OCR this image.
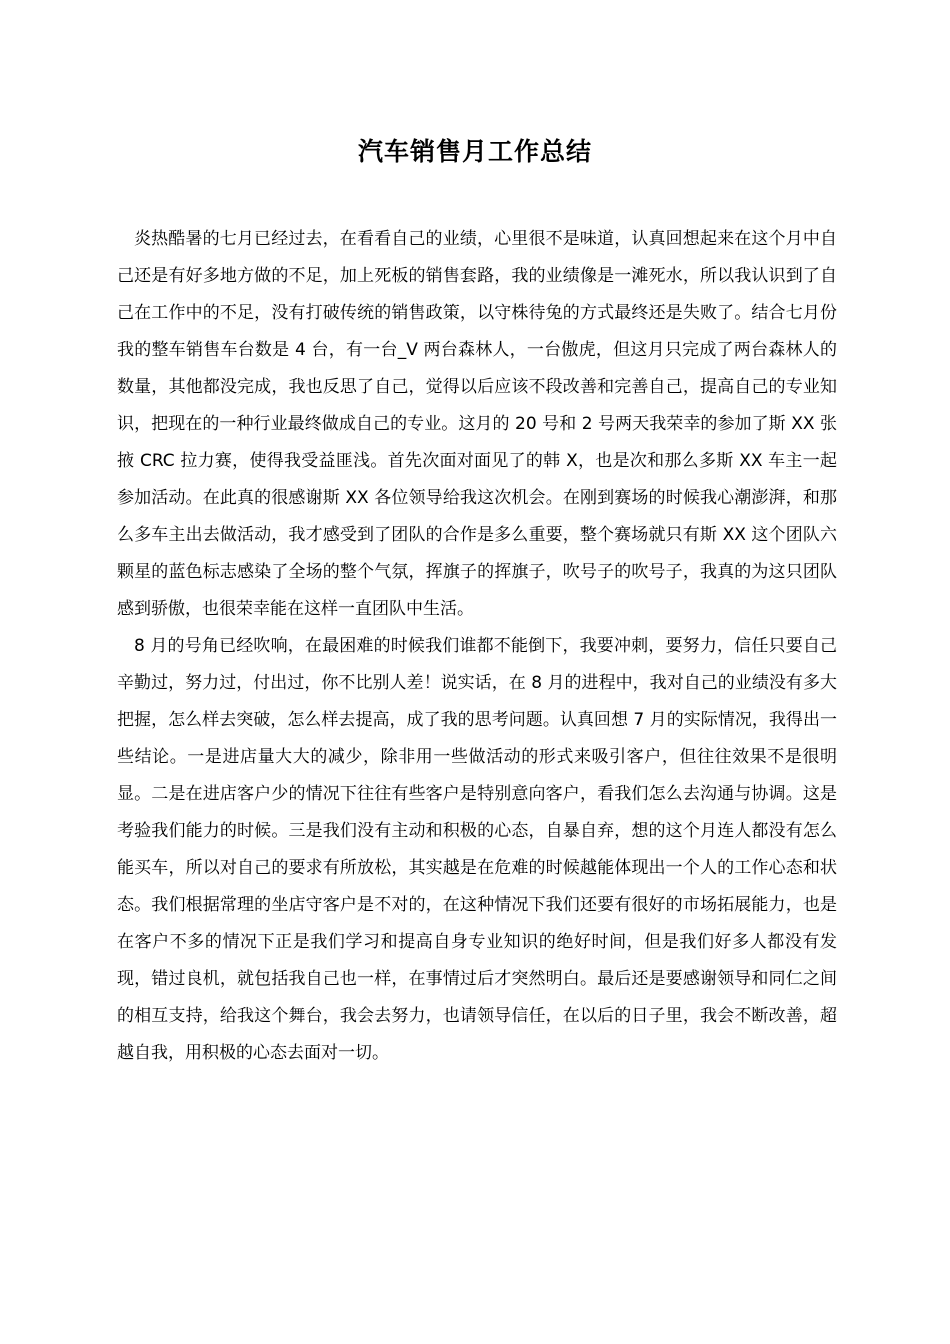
汽车销售月工作总结

炎热酷暑的七月已经过去，在看看自己的业绩，心里很不是味道，认真回想起来在这个月中自己还是有好多地方做的不足，加上死板的销售套路，我的业绩像是一滩死水，所以我认识到了自己在工作中的不足，没有打破传统的销售政策，以守株待兔的方式最终还是失败了。结合七月份我的整车销售车台数是 4 台，有一台_V 两台森林人，一台傲虎，但这月只完成了两台森林人的数量，其他都没完成，我也反思了自己，觉得以后应该不段改善和完善自己，提高自己的专业知识，把现在的一种行业最终做成自己的专业。这月的 20 号和 2 号两天我荣幸的参加了斯 XX 张掖 CRC 拉力赛，使得我受益匪浅。首先次面对面见了的韩 X，也是次和那么多斯 XX 车主一起参加活动。在此真的很感谢斯 XX 各位领导给我这次机会。在刚到赛场的时候我心潮澎湃，和那么多车主出去做活动，我才感受到了团队的合作是多么重要，整个赛场就只有斯 XX 这个团队六颗星的蓝色标志感染了全场的整个气氛，挥旗子的挥旗子，吹号子的吹号子，我真的为这只团队感到骄傲，也很荣幸能在这样一直团队中生活。

8 月的号角已经吹响，在最困难的时候我们谁都不能倒下，我要冲刺，要努力，信任只要自己辛勤过，努力过，付出过，你不比别人差！说实话，在 8 月的进程中，我对自己的业绩没有多大把握，怎么样去突破，怎么样去提高，成了我的思考问题。认真回想 7 月的实际情况，我得出一些结论。一是进店量大大的减少，除非用一些做活动的形式来吸引客户，但往往效果不是很明显。二是在进店客户少的情况下往往有些客户是特别意向客户，看我们怎么去沟通与协调。这是考验我们能力的时候。三是我们没有主动和积极的心态，自暴自弃，想的这个月连人都没有怎么能买车，所以对自己的要求有所放松，其实越是在危难的时候越能体现出一个人的工作心态和状态。我们根据常理的坐店守客户是不对的，在这种情况下我们还要有很好的市场拓展能力，也是在客户不多的情况下正是我们学习和提高自身专业知识的绝好时间，但是我们好多人都没有发现，错过良机，就包括我自己也一样，在事情过后才突然明白。最后还是要感谢领导和同仁之间的相互支持，给我这个舞台，我会去努力，也请领导信任，在以后的日子里，我会不断改善，超越自我，用积极的心态去面对一切。
